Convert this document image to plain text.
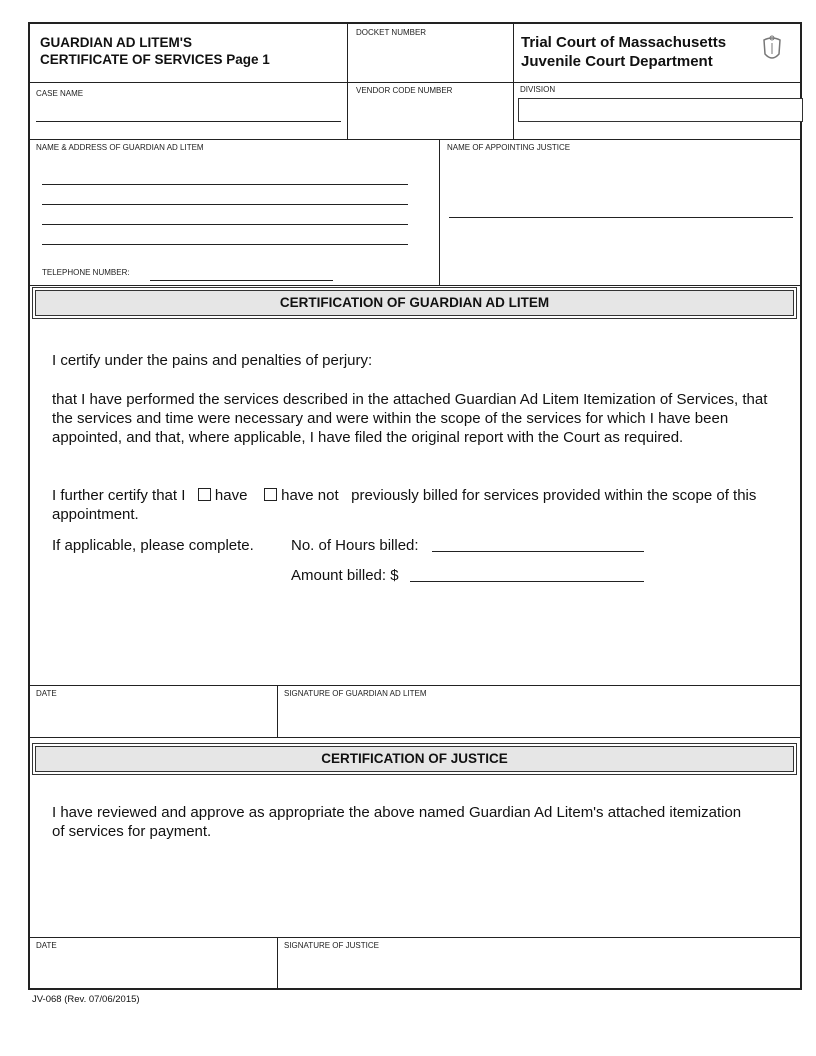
GUARDIAN AD LITEM'S
CERTIFICATE OF SERVICES Page 1
DOCKET NUMBER
Trial Court of Massachusetts
Juvenile Court Department
CASE NAME	VENDOR CODE NUMBER	DIVISION
NAME & ADDRESS OF GUARDIAN AD LITEM
TELEPHONE NUMBER:
NAME OF APPOINTING JUSTICE
CERTIFICATION OF GUARDIAN AD LITEM
I certify under the pains and penalties of perjury:
that I have performed the services described in the attached Guardian Ad Litem Itemization of Services, that the services and time were necessary and were within the scope of the services for which I have been appointed, and that, where applicable, I have filed the original report with the Court as required.
I further certify that I have have not previously billed for services provided within the scope of this appointment.
If applicable, please complete. No. of Hours billed:
Amount billed: $
DATE	SIGNATURE OF GUARDIAN AD LITEM
CERTIFICATION OF JUSTICE
I have reviewed and approve as appropriate the above named Guardian Ad Litem's attached itemization of services for payment.
DATE	SIGNATURE OF JUSTICE
JV-068 (Rev. 07/06/2015)
